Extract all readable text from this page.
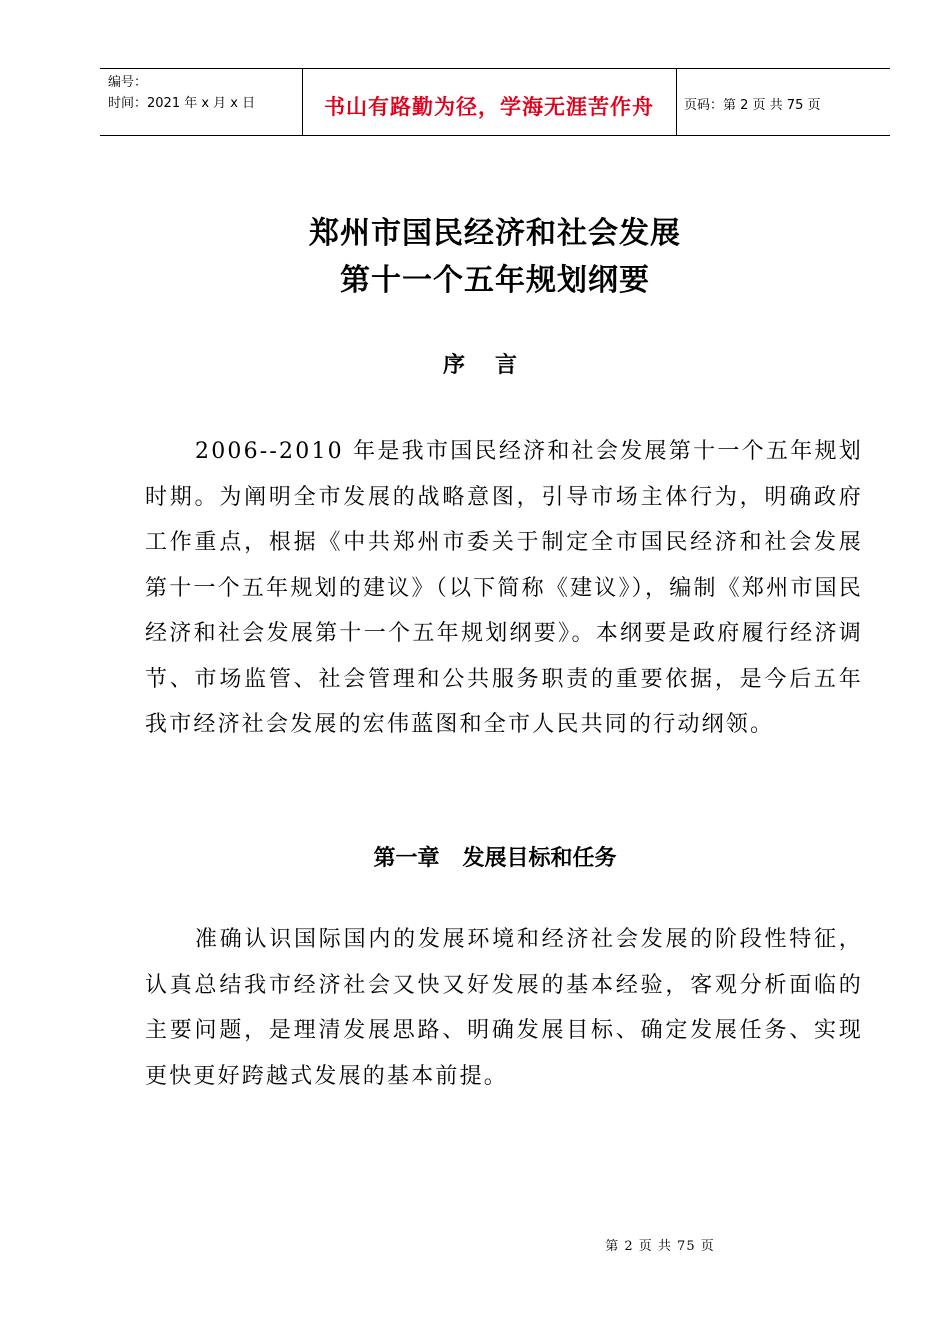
编号：
时间：2021 年 x 月 x 日	书山有路勤为径，学海无涯苦作舟	页码：第 2 页 共 75 页
郑州市国民经济和社会发展
第十一个五年规划纲要
序言

2006--2010 年是我市国民经济和社会发展第十一个五年规划时期。为阐明全市发展的战略意图，引导市场主体行为，明确政府工作重点，根据《中共郑州市委关于制定全市国民经济和社会发展第十一个五年规划的建议》（以下简称《建议》），编制《郑州市国民经济和社会发展第十一个五年规划纲要》。本纲要是政府履行经济调节、市场监管、社会管理和公共服务职责的重要依据，是今后五年我市经济社会发展的宏伟蓝图和全市人民共同的行动纲领。

第一章   发展目标和任务

准确认识国际国内的发展环境和经济社会发展的阶段性特征，认真总结我市经济社会又快又好发展的基本经验，客观分析面临的主要问题，是理清发展思路、明确发展目标、确定发展任务、实现更快更好跨越式发展的基本前提。

第 2 页 共 75 页
